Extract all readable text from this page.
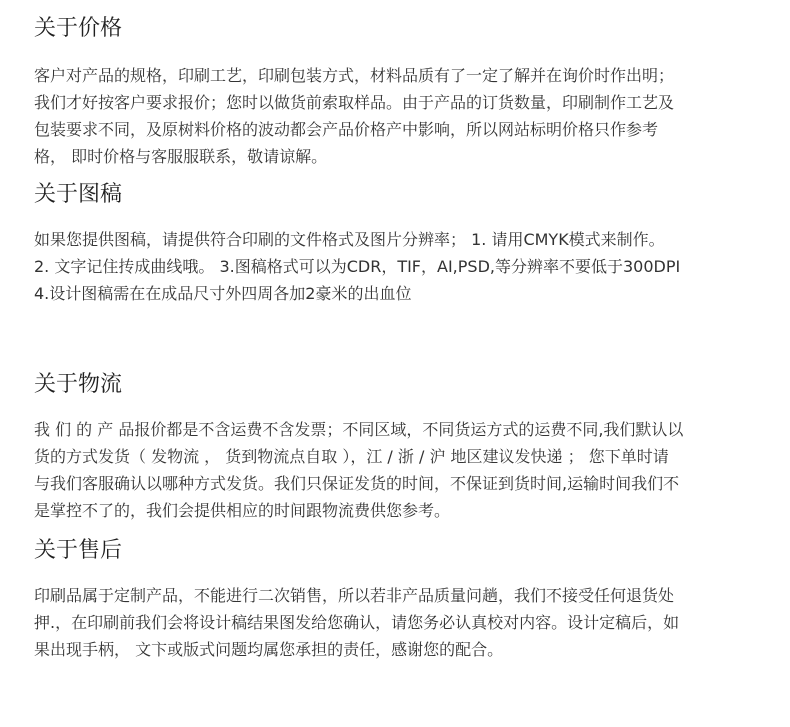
关于价格

客户对产品的规格，印刷工艺，印刷包装方式，材料品质有了一定了解并在询价时作出明；
我们才好按客户要求报价；您时以做货前索取样品。由于产品的订货数量，印刷制作工艺及
包装要求不同，及原树料价格的波动都会产品价格产中影响，所以网站标明价格只作参考
格， 即时价格与客服服联系，敬请谅解。

关于图稿

如果您提供图稿，请提供符合印刷的文件格式及图片分辨率； 1. 请用CMYK模式来制作。
2. 文字记住抟成曲线哦。 3.图稿格式可以为CDR，TIF，AI,PSD,等分辨率不要低于300DPI
4.设计图稿需在在成品尺寸外四周各加2豪米的出血位

关于物流

我 们 的 产 品报价都是不含运费不含发票；不同区域，不同货运方式的运费不同,我们默认以
货的方式发货（ 发物流 ， 货到物流点自取 ），江 / 浙 / 沪 地区建议发快递 ； 您下单时请
与我们客服确认以哪种方式发货。我们只保证发货的时间，不保证到货时间,运输时间我们不
是掌控不了的，我们会提供相应的时间跟物流费供您参考。

关于售后

印刷品属于定制产品，不能进行二次销售，所以若非产品质量问趟，我们不接受任何退货处
押.，在印刷前我们会将设计稿结果图发给您确认，请您务必认真校对内容。设计定稿后，如
果出现手柄， 文卞或版式问题均属您承担的责任，感谢您的配合。
